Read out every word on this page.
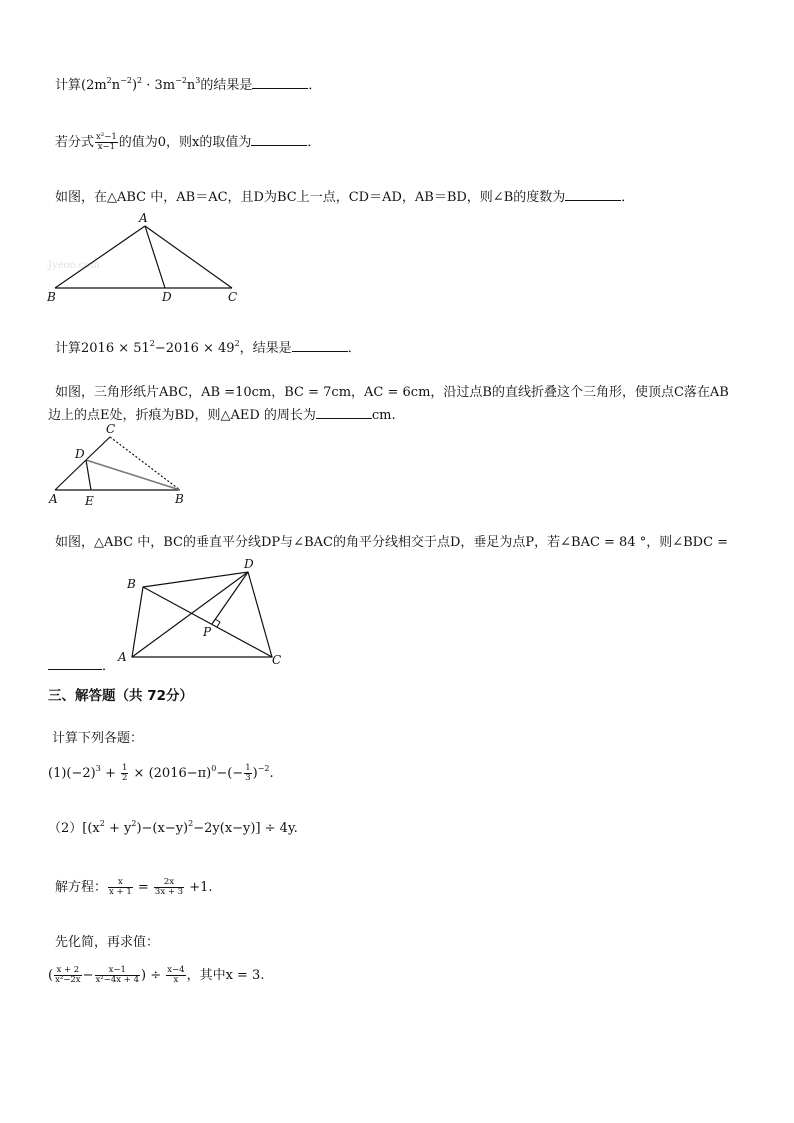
计算$(2m^2n^{-2})^2 \cdot 3m^{-2}n^3$的结果是	．
若分式 $\frac{\text{x²−1}}{x-1}$ 的值为0，则x的取值为	．
如图，在△ABC 中，AB＝AC，且D为BC上一点，CD＝AD，AB＝BD，则∠B的度数为	．
Jyeoo.com
A
B	D	C
计算$2016 \times 51^2-2016 \times 49^2$，结果是	．
如图，三角形纸片ABC，AB =10cm，BC = 7cm，AC = 6cm，沿过点B的直线折叠这个三角形，使顶点C落在AB
边上的点E处，折痕为BD，则△AED 的周长为	cm.
C
D
A E	B
如图，△ABC 中，BC的垂直平分线DP与∠BAC的角平分线相交于点D，垂足为点P，若∠BAC = 84 °，则∠BDC =
B
D
P
A	C
．
三、解答题（共 72分）
计算下列各题：
$(1)(-2)^3 + \frac{1}{2} \times (2016-\pi)^0-(- \frac{1}{3} )^{-2}$.
$(2)[(x^2 + y^2)-(x-y)^2-2y(x-y)] \div 4y$.
解方程： $\frac{x}{x + 1} = \frac{2x}{3x + 3} +1$.
先化简，再求值：
( $\frac{x + 2}{\text{x²−2x}} - \frac{x-1}{\text{x²−4x + 4}}$ ) ÷ $\frac{x-4}{x}$ ，其中x = 3.
